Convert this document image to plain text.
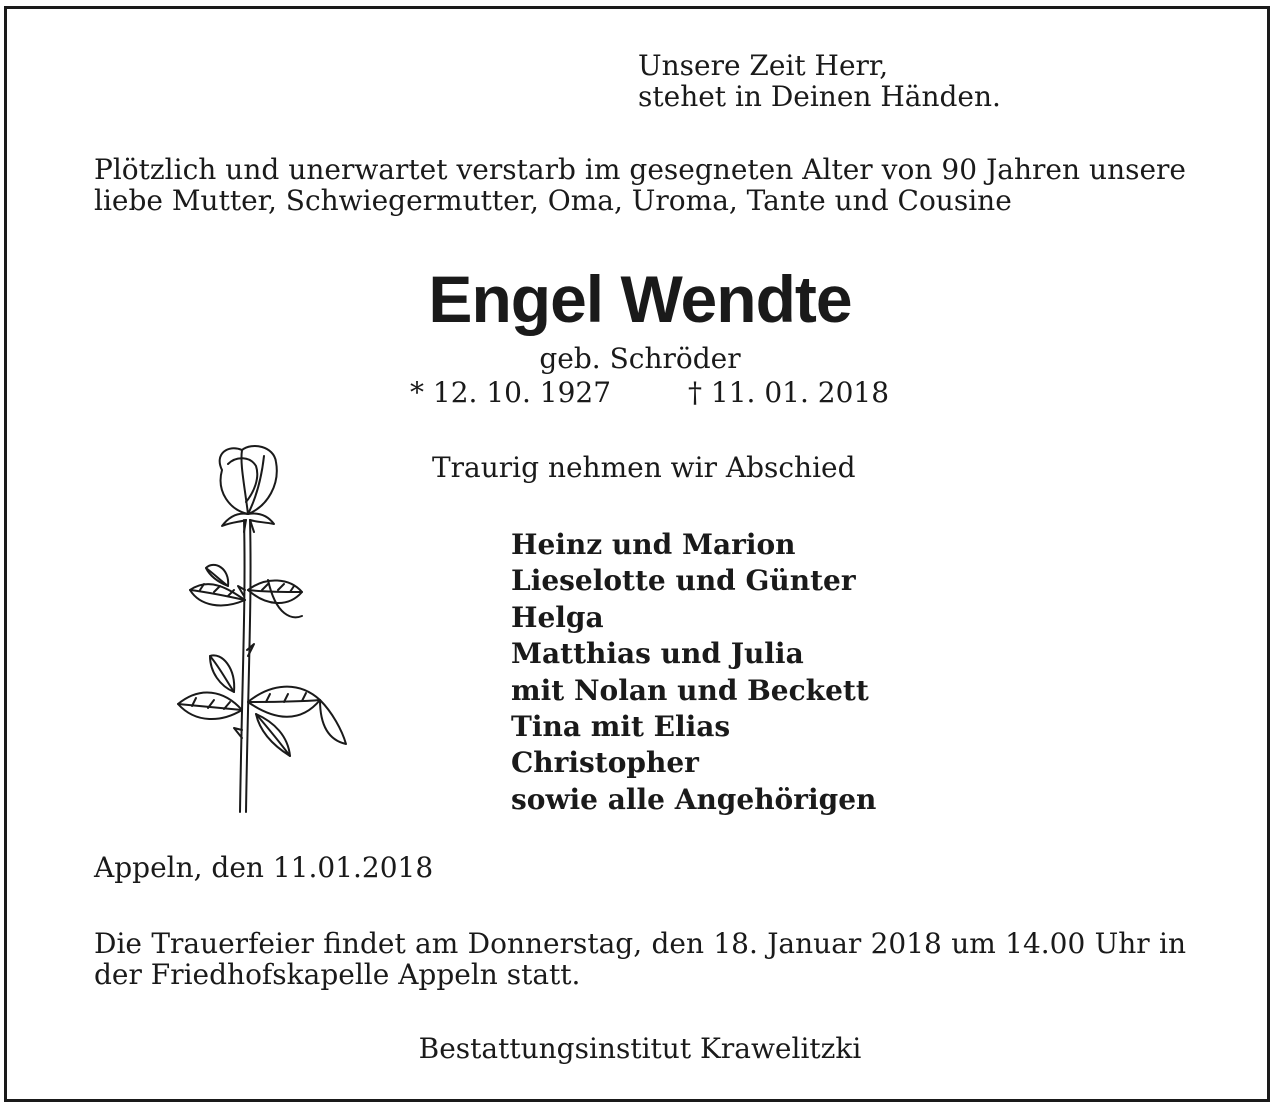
Unsere Zeit Herr,
stehet in Deinen Händen.
Plötzlich und unerwartet verstarb im gesegneten Alter von 90 Jahren unsere liebe Mutter, Schwiegermutter, Oma, Uroma, Tante und Cousine
Engel Wendte
geb. Schröder
* 12. 10. 1927	† 11. 01. 2018
Traurig nehmen wir Abschied
Heinz und Marion
Lieselotte und Günter
Helga
Matthias und Julia
mit Nolan und Beckett
Tina mit Elias
Christopher
sowie alle Angehörigen
Appeln, den 11.01.2018
Die Trauerfeier findet am Donnerstag, den 18. Januar 2018 um 14.00 Uhr in der Friedhofskapelle Appeln statt.
Bestattungsinstitut Krawelitzki
